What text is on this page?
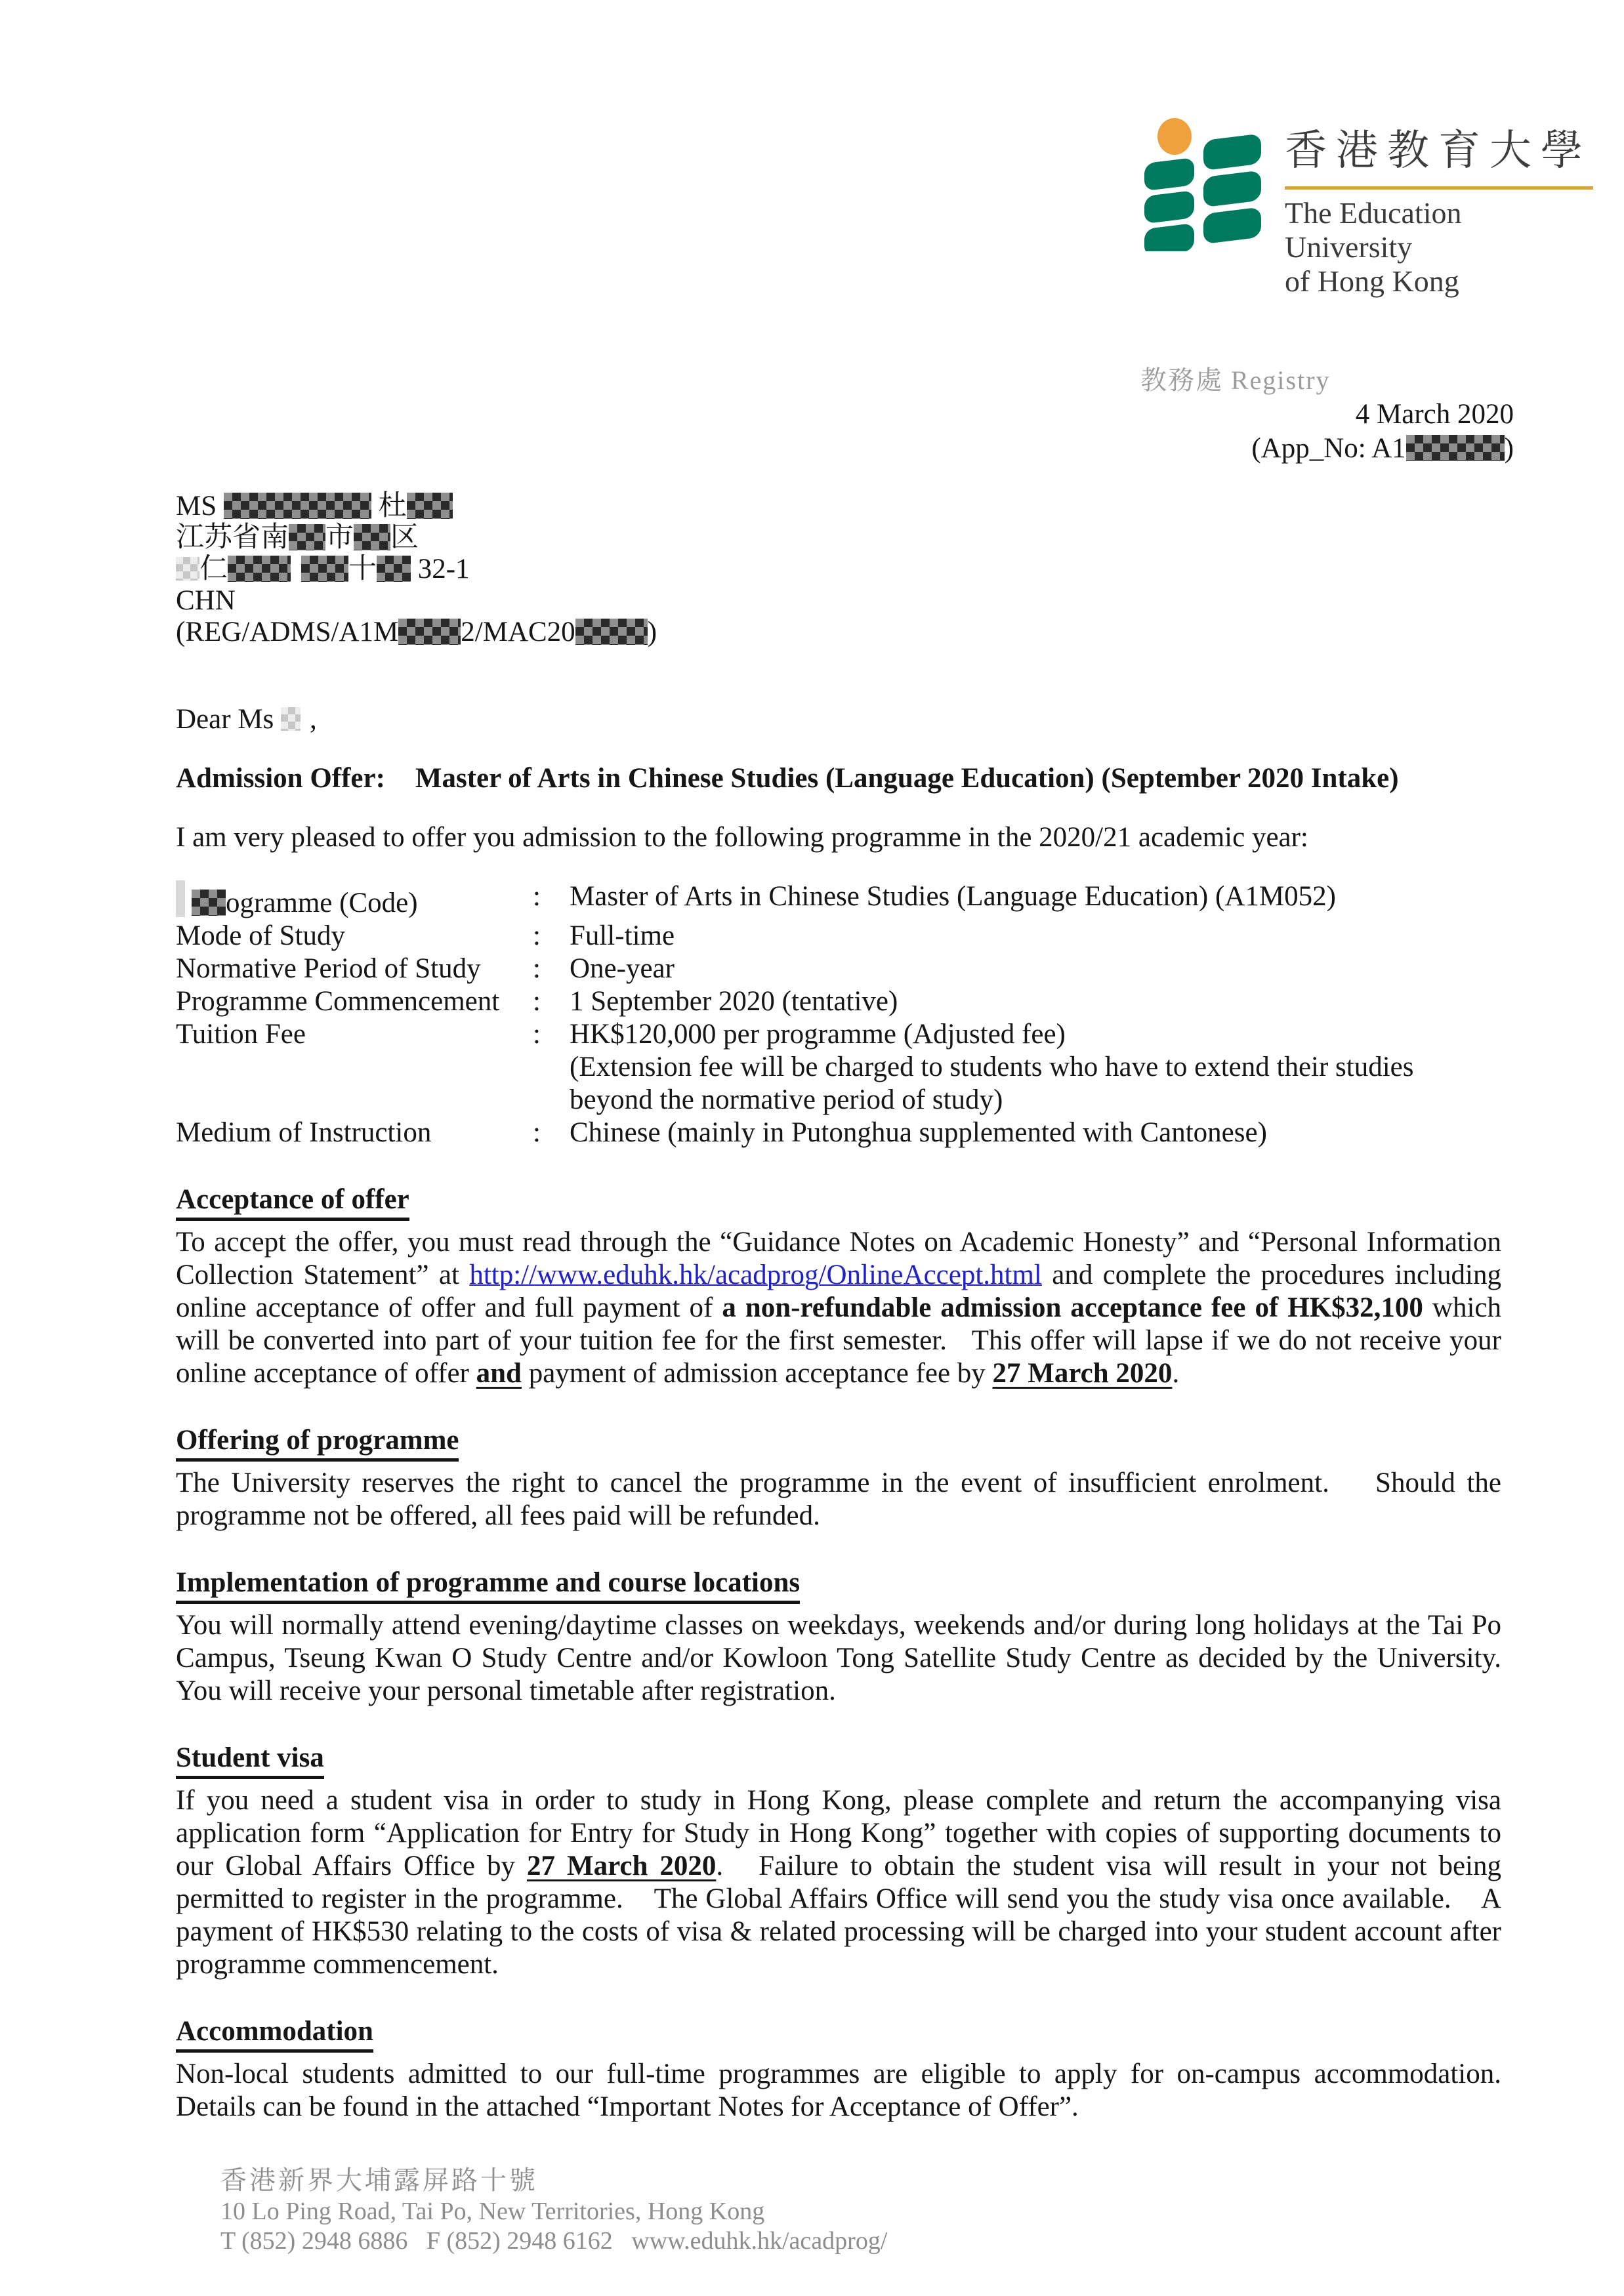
香港教育大學
The Education University
of Hong Kong
教務處 Registry
4 March 2020
(App_No: A1	)
MS	杜
江苏省南 市 区
仁	十 32-1
CHN
(REG/ADMS/A1M 2/MAC20	)
Dear Ms ,
Admission Offer: Master of Arts in Chinese Studies (Language Education) (September 2020 Intake)
I am very pleased to offer you admission to the following programme in the 2020/21 academic year:
ogramme (Code)	:	Master of Arts in Chinese Studies (Language Education) (A1M052)
Mode of Study	:	Full-time
Normative Period of Study	:	One-year
Programme Commencement	:	1 September 2020 (tentative)
Tuition Fee	:	HK$120,000 per programme (Adjusted fee)
(Extension fee will be charged to students who have to extend their studies beyond the normative period of study)
Medium of Instruction	:	Chinese (mainly in Putonghua supplemented with Cantonese)
Acceptance of offer
To accept the offer, you must read through the “Guidance Notes on Academic Honesty” and “Personal Information Collection Statement” at http://www.eduhk.hk/acadprog/OnlineAccept.html and complete the procedures including online acceptance of offer and full payment of a non-refundable admission acceptance fee of HK$32,100 which will be converted into part of your tuition fee for the first semester.   This offer will lapse if we do not receive your online acceptance of offer and payment of admission acceptance fee by 27 March 2020.
Offering of programme
The University reserves the right to cancel the programme in the event of insufficient enrolment.    Should the programme not be offered, all fees paid will be refunded.
Implementation of programme and course locations
You will normally attend evening/daytime classes on weekdays, weekends and/or during long holidays at the Tai Po Campus, Tseung Kwan O Study Centre and/or Kowloon Tong Satellite Study Centre as decided by the University.    You will receive your personal timetable after registration.
Student visa
If you need a student visa in order to study in Hong Kong, please complete and return the accompanying visa application form “Application for Entry for Study in Hong Kong” together with copies of supporting documents to our Global Affairs Office by 27 March 2020.   Failure to obtain the student visa will result in your not being permitted to register in the programme.    The Global Affairs Office will send you the study visa once available.    A payment of HK$530 relating to the costs of visa & related processing will be charged into your student account after programme commencement.
Accommodation
Non-local students admitted to our full-time programmes are eligible to apply for on-campus accommodation.    Details can be found in the attached “Important Notes for Acceptance of Offer”.
香港新界大埔露屏路十號
10 Lo Ping Road, Tai Po, New Territories, Hong Kong
T (852) 2948 6886   F (852) 2948 6162   www.eduhk.hk/acadprog/
